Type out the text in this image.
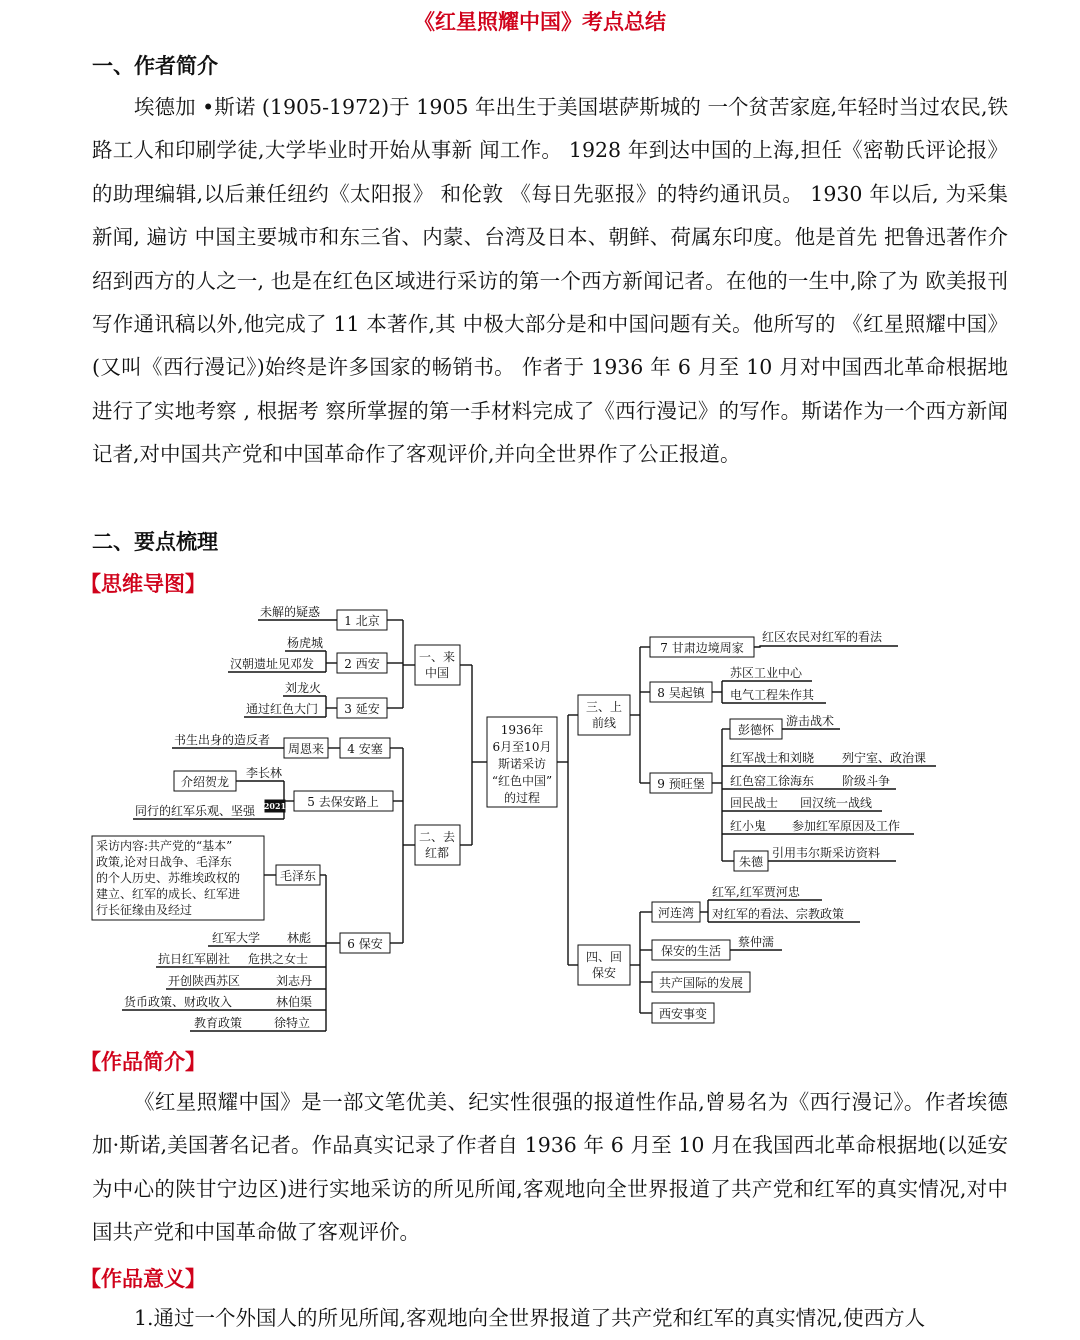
《红星照耀中国》考点总结
一、作者简介

埃德加 •斯诺 (1905-1972)于 1905 年出生于美国堪萨斯城的 一个贫苦家庭,年轻时当过农民,铁路工人和印刷学徒,大学毕业时开始从事新 闻工作。 1928 年到达中国的上海,担任《密勒氏评论报》的助理编辑,以后兼任纽约《太阳报》 和伦敦 《每日先驱报》的特约通讯员。 1930 年以后, 为采集新闻, 遍访 中国主要城市和东三省、内蒙、台湾及日本、朝鲜、荷属东印度。他是首先 把鲁迅著作介绍到西方的人之一, 也是在红色区域进行采访的第一个西方新闻记者。在他的一生中,除了为 欧美报刊写作通讯稿以外,他完成了 11 本著作,其 中极大部分是和中国问题有关。他所写的 《红星照耀中国》(又叫《西行漫记》)始终是许多国家的畅销书。 作者于 1936 年 6 月至 10 月对中国西北革命根据地进行了实地考察 , 根据考 察所掌握的第一手材料完成了《西行漫记》的写作。斯诺作为一个西方新闻记者,对中国共产党和中国革命作了客观评价,并向全世界作了公正报道。

二、要点梳理
【思维导图】
1936年
6月至10月
斯诺采访
“红色中国”
的过程
一、来
中国
1 北京
未解的疑惑
2 西安
杨虎城
汉朝遗址见邓发
3 延安
刘龙火
通过红色大门
二、去
红都
4 安塞
周恩来
书生出身的造反者
5 去保安路上
李长林
介绍贺龙
同行的红军乐观、坚强 2021
6 保安
毛泽东
采访内容:共产党的“基本”
政策,论对日战争、毛泽东
的个人历史、苏维埃政权的
建立、红军的成长、红军进
行长征缘由及经过
红军大学 林彪
抗日红军剧社 危拱之女士
开创陕西苏区	刘志丹
货币政策、财政收入	林伯渠
教育政策	徐特立
三、上
前线
7 甘肃边境周家
红区农民对红军的看法
8 吴起镇
苏区工业中心
电气工程朱作其
9 预旺堡
彭德怀
游击战术
红军战士和刘晓 列宁室、政治课
红色窑工徐海东 阶级斗争
回民战士 回汉统一战线
红小鬼 参加红军原因及工作
朱德
引用韦尔斯采访资料
四、回
保安
河连湾
红军,红军贾河忠
对红军的看法、宗教政策
保安的生活
蔡仲濡
共产国际的发展
西安事变
【作品简介】

《红星照耀中国》是一部文笔优美、纪实性很强的报道性作品,曾易名为《西行漫记》。作者埃德加·斯诺,美国著名记者。作品真实记录了作者自 1936 年 6 月至 10 月在我国西北革命根据地(以延安为中心的陕甘宁边区)进行实地采访的所见所闻,客观地向全世界报道了共产党和红军的真实情况,对中国共产党和中国革命做了客观评价。

【作品意义】

1.通过一个外国人的所见所闻,客观地向全世界报道了共产党和红军的真实情况,使西方人
